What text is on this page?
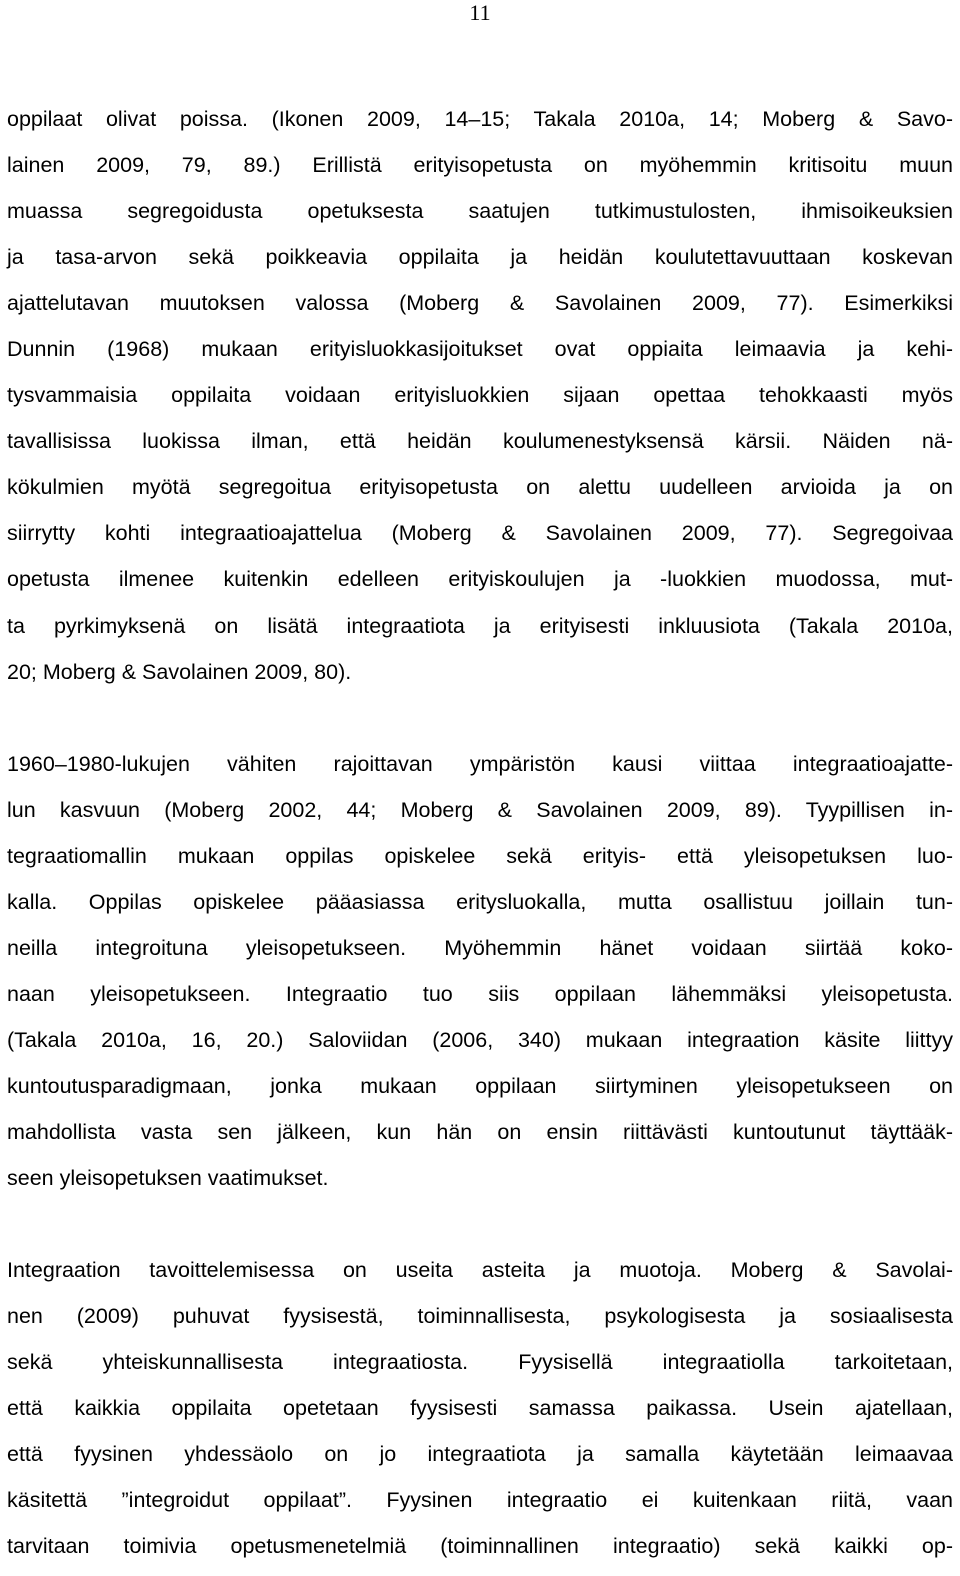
11

oppilaat olivat poissa. (Ikonen 2009, 14–15; Takala 2010a, 14; Moberg & Savo-
lainen 2009, 79, 89.) Erillistä erityisopetusta on myöhemmin kritisoitu muun
muassa segregoidusta opetuksesta saatujen tutkimustulosten, ihmisoikeuksien
ja tasa-arvon sekä poikkeavia oppilaita ja heidän koulutettavuuttaan koskevan
ajattelutavan muutoksen valossa (Moberg & Savolainen 2009, 77). Esimerkiksi
Dunnin (1968) mukaan erityisluokkasijoitukset ovat oppiaita leimaavia ja kehi-
tysvammaisia oppilaita voidaan erityisluokkien sijaan opettaa tehokkaasti myös
tavallisissa luokissa ilman, että heidän koulumenestyksensä kärsii. Näiden nä-
kökulmien myötä segregoitua erityisopetusta on alettu uudelleen arvioida ja on
siirrytty kohti integraatioajattelua (Moberg & Savolainen 2009, 77). Segregoivaa
opetusta ilmenee kuitenkin edelleen erityiskoulujen ja -luokkien muodossa, mut-
ta pyrkimyksenä on lisätä integraatiota ja erityisesti inkluusiota (Takala 2010a,
20; Moberg & Savolainen 2009, 80).

1960–1980-lukujen vähiten rajoittavan ympäristön kausi viittaa integraatioajatte-
lun kasvuun (Moberg 2002, 44; Moberg & Savolainen 2009, 89). Tyypillisen in-
tegraatiomallin mukaan oppilas opiskelee sekä erityis- että yleisopetuksen luo-
kalla. Oppilas opiskelee pääasiassa eritysluokalla, mutta osallistuu joillain tun-
neilla integroituna yleisopetukseen. Myöhemmin hänet voidaan siirtää koko-
naan yleisopetukseen. Integraatio tuo siis oppilaan lähemmäksi yleisopetusta.
(Takala 2010a, 16, 20.) Saloviidan (2006, 340) mukaan integraation käsite liittyy
kuntoutusparadigmaan, jonka mukaan oppilaan siirtyminen yleisopetukseen on
mahdollista vasta sen jälkeen, kun hän on ensin riittävästi kuntoutunut täyttääk-
seen yleisopetuksen vaatimukset.

Integraation tavoittelemisessa on useita asteita ja muotoja. Moberg & Savolai-
nen (2009) puhuvat fyysisestä, toiminnallisesta, psykologisesta ja sosiaalisesta
sekä yhteiskunnallisesta integraatiosta. Fyysisellä integraatiolla tarkoitetaan,
että kaikkia oppilaita opetetaan fyysisesti samassa paikassa. Usein ajatellaan,
että fyysinen yhdessäolo on jo integraatiota ja samalla käytetään leimaavaa
käsitettä ”integroidut oppilaat”. Fyysinen integraatio ei kuitenkaan riitä, vaan
tarvitaan toimivia opetusmenetelmiä (toiminnallinen integraatio) sekä kaikki op-
